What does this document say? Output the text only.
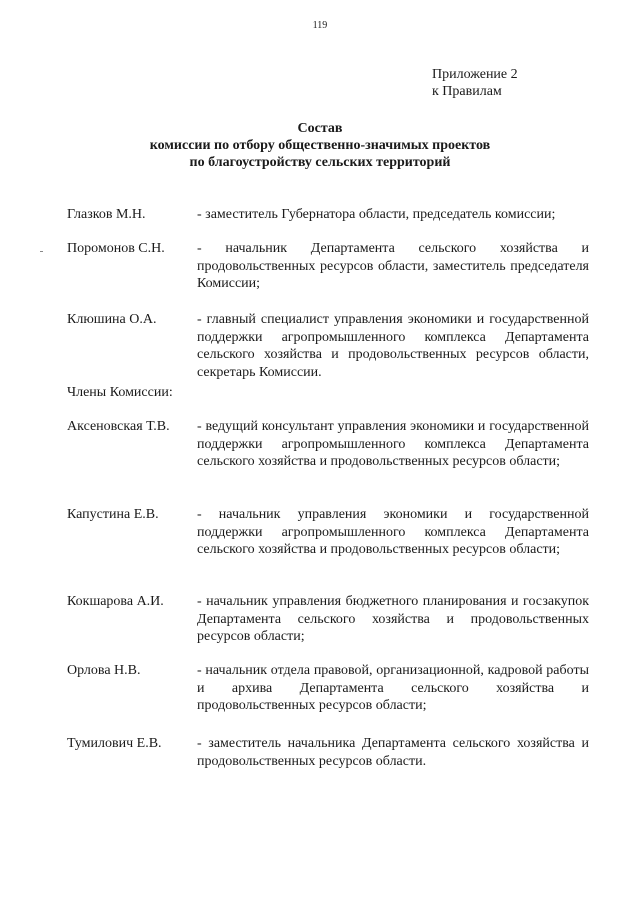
119
Приложение 2
к Правилам
Состав
комиссии по отбору общественно-значимых проектов
по благоустройству сельских территорий
Глазков М.Н.	- заместитель Губернатора области, председатель комиссии;
Поромонов С.Н. - начальник Департамента сельского хозяйства и продовольственных ресурсов области, заместитель председателя Комиссии;
Клюшина О.А.	- главный специалист управления экономики и государственной поддержки агропромышленного комплекса Департамента сельского хозяйства и продовольственных ресурсов области, секретарь Комиссии.
Члены Комиссии:
Аксеновская Т.В. - ведущий консультант управления экономики и государственной поддержки агропромышленного комплекса Департамента сельского хозяйства и продовольственных ресурсов области;
Капустина Е.В.	- начальник управления экономики и государственной поддержки агропромышленного комплекса Департамента сельского хозяйства и продовольственных ресурсов области;
Кокшарова А.И. - начальник управления бюджетного планирования и госзакупок Департамента сельского хозяйства и продовольственных ресурсов области;
Орлова Н.В.	- начальник отдела правовой, организационной, кадровой работы и архива Департамента сельского хозяйства и продовольственных ресурсов области;
Тумилович Е.В.	- заместитель начальника Департамента сельского хозяйства и продовольственных ресурсов области.
